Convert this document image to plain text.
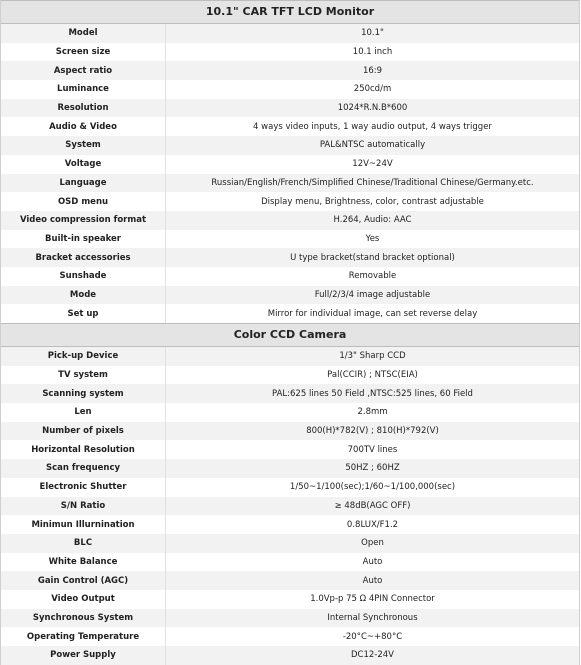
10.1" CAR TFT LCD Monitor
Model	10.1"
Screen size	10.1 inch
Aspect ratio	16:9
Luminance	250cd/m
Resolution	1024*R.N.B*600
Audio & Video	4 ways video inputs, 1 way audio output, 4 ways trigger
System	PAL&NTSC automatically
Voltage	12V~24V
Language	Russian/English/French/Simplified Chinese/Traditional Chinese/Germany.etc.
OSD menu	Display menu, Brightness, color, contrast adjustable
Video compression format	H.264, Audio: AAC
Built-in speaker	Yes
Bracket accessories	U type bracket(stand bracket optional)
Sunshade	Removable
Mode	Full/2/3/4 image adjustable
Set up	Mirror for individual image, can set reverse delay
Color CCD Camera
Pick-up Device	1/3" Sharp CCD
TV system	Pal(CCIR) ; NTSC(EIA)
Scanning system	PAL:625 lines 50 Field ,NTSC:525 lines, 60 Field
Len	2.8mm
Number of pixels	800(H)*782(V) ; 810(H)*792(V)
Horizontal Resolution	700TV lines
Scan frequency	50HZ ; 60HZ
Electronic Shutter	1/50~1/100(sec);1/60~1/100,000(sec)
S/N Ratio	≥ 48dB(AGC OFF)
Minimun Illurnination	0.8LUX/F1.2
BLC	Open
White Balance	Auto
Gain Control (AGC)	Auto
Video Output	1.0Vp-p 75 Ω 4PIN Connector
Synchronous System	Internal Synchronous
Operating Temperature	-20°C~+80°C
Power Supply	DC12-24V
